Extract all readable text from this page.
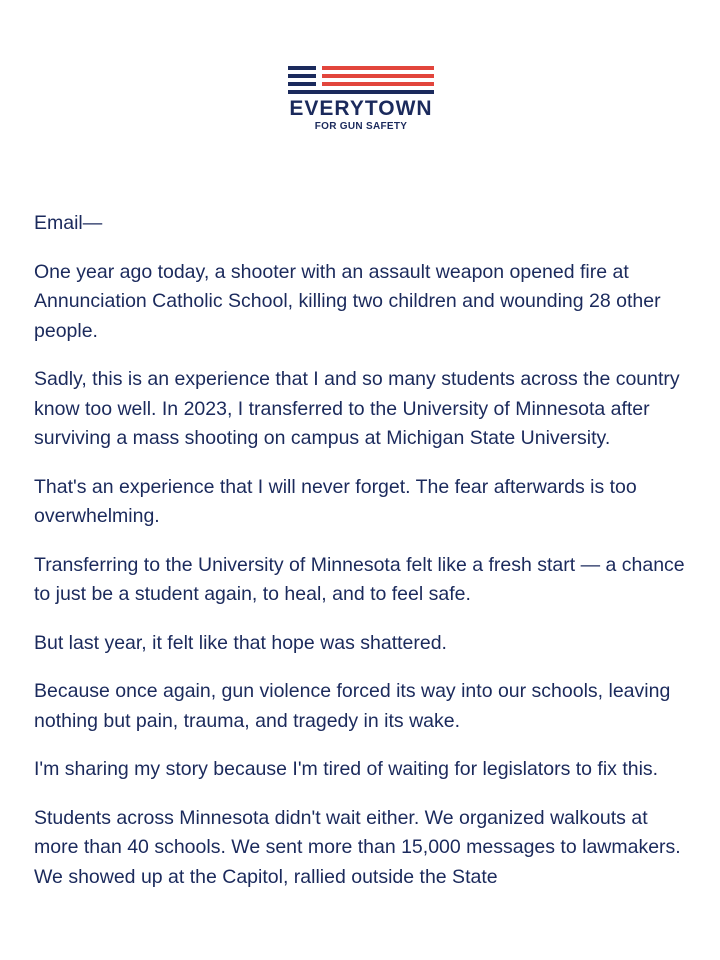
EVERYTOWN
FOR GUN SAFETY

Email—

One year ago today, a shooter with an assault weapon opened fire at Annunciation Catholic School, killing two children and wounding 28 other people.

Sadly, this is an experience that I and so many students across the country know too well. In 2023, I transferred to the University of Minnesota after surviving a mass shooting on campus at Michigan State University.

That's an experience that I will never forget. The fear afterwards is too overwhelming.

Transferring to the University of Minnesota felt like a fresh start — a chance to just be a student again, to heal, and to feel safe.

But last year, it felt like that hope was shattered.

Because once again, gun violence forced its way into our schools, leaving nothing but pain, trauma, and tragedy in its wake.

I'm sharing my story because I'm tired of waiting for legislators to fix this.

Students across Minnesota didn't wait either. We organized walkouts at more than 40 schools. We sent more than 15,000 messages to lawmakers. We showed up at the Capitol, rallied outside the State
